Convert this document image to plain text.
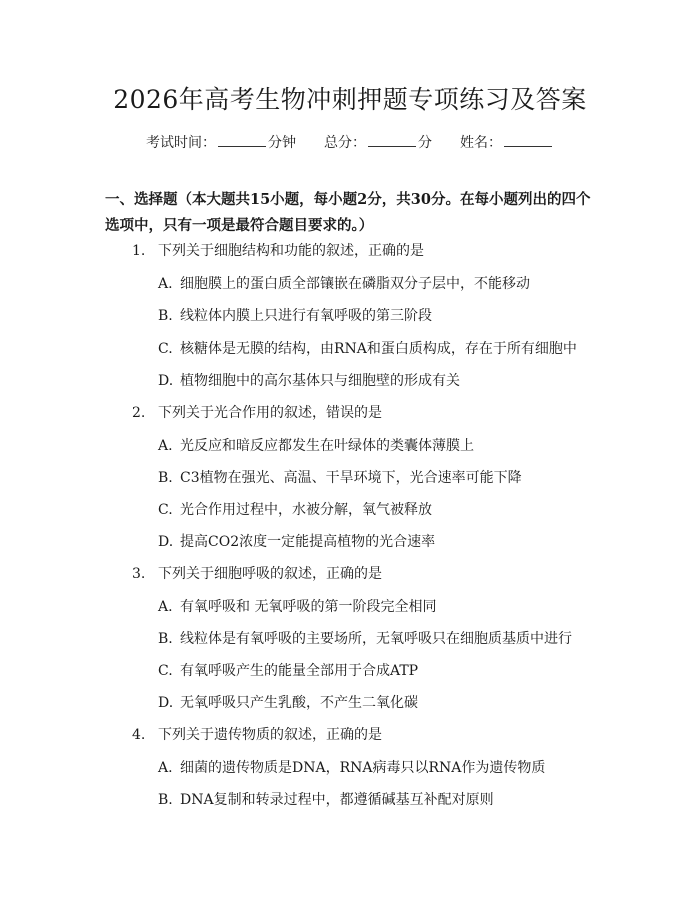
2026年高考生物冲刺押题专项练习及答案
考试时间：	分钟 总分：	分 姓名：
一、选择题（本大题共15小题，每小题2分，共30分。在每小题列出的四个选项中，只有一项是最符合题目要求的。）
1. 下列关于细胞结构和功能的叙述，正确的是
A. 细胞膜上的蛋白质全部镶嵌在磷脂双分子层中，不能移动
B. 线粒体内膜上只进行有氧呼吸的第三阶段
C. 核糖体是无膜的结构，由RNA和蛋白质构成，存在于所有细胞中
D. 植物细胞中的高尔基体只与细胞壁的形成有关
2. 下列关于光合作用的叙述，错误的是
A. 光反应和暗反应都发生在叶绿体的类囊体薄膜上
B. C3植物在强光、高温、干旱环境下，光合速率可能下降
C. 光合作用过程中，水被分解，氧气被释放
D. 提高CO2浓度一定能提高植物的光合速率
3. 下列关于细胞呼吸的叙述，正确的是
A. 有氧呼吸和 无氧呼吸的第一阶段完全相同
B. 线粒体是有氧呼吸的主要场所，无氧呼吸只在细胞质基质中进行
C. 有氧呼吸产生的能量全部用于合成ATP
D. 无氧呼吸只产生乳酸，不产生二氧化碳
4. 下列关于遗传物质的叙述，正确的是
A. 细菌的遗传物质是DNA，RNA病毒只以RNA作为遗传物质
B. DNA复制和转录过程中，都遵循碱基互补配对原则
